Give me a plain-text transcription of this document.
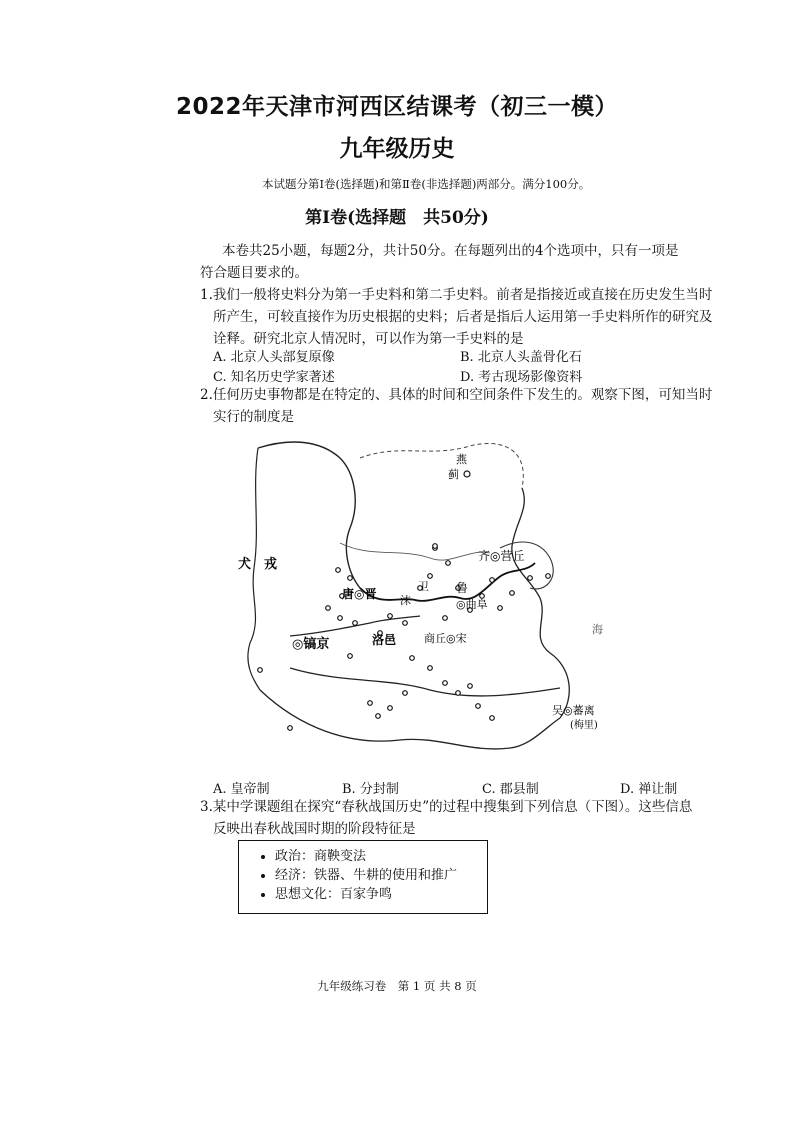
2022年天津市河西区结课考（初三一模）
九年级历史
本试题分第Ⅰ卷(选择题)和第Ⅱ卷(非选择题)两部分。满分100分。
第Ⅰ卷(选择题　共50分)
本卷共25小题，每题2分，共计50分。在每题列出的4个选项中，只有一项是
符合题目要求的。
1.我们一般将史料分为第一手史料和第二手史料。前者是指接近或直接在历史发生当时
所产生，可较直接作为历史根据的史料；后者是指后人运用第一手史料所作的研究及
诠释。研究北京人情况时，可以作为第一手史料的是
A. 北京人头部复原像	B. 北京人头盖骨化石
C. 知名历史学家著述	D. 考古现场影像资料
2.任何历史事物都是在特定的、具体的时间和空间条件下发生的。观察下图，可知当时
实行的制度是
燕
蓟
犬　戎
唐◎晋
卫
沫
齐◎营丘
鲁
◎曲阜
◎镐京	洛邑	商丘◎宋
吴◎蕃离
(梅里)
海
A. 皇帝制	B. 分封制	C. 郡县制	D. 禅让制
3.某中学课题组在探究“春秋战国历史”的过程中搜集到下列信息（下图）。这些信息
反映出春秋战国时期的阶段特征是
• 政治：商鞅变法
• 经济：铁器、牛耕的使用和推广
• 思想文化：百家争鸣
九年级练习卷　第 1 页 共 8 页
